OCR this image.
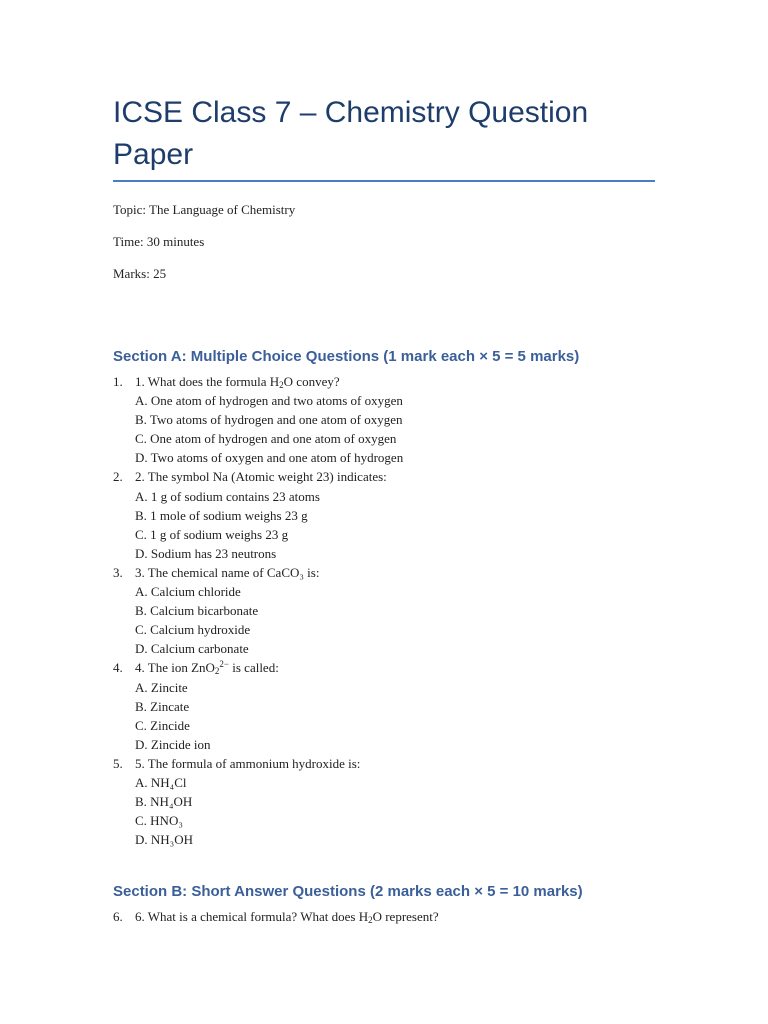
ICSE Class 7 – Chemistry Question Paper

Topic: The Language of Chemistry

Time: 30 minutes

Marks: 25

Section A: Multiple Choice Questions (1 mark each × 5 = 5 marks)
1. 1. What does the formula $H_2O$ convey?
A. One atom of hydrogen and two atoms of oxygen
B. Two atoms of hydrogen and one atom of oxygen
C. One atom of hydrogen and one atom of oxygen
D. Two atoms of oxygen and one atom of hydrogen
2. 2. The symbol Na (Atomic weight 23) indicates:
A. 1 g of sodium contains 23 atoms
B. 1 mole of sodium weighs 23 g
C. 1 g of sodium weighs 23 g
D. Sodium has 23 neutrons
3. 3. The chemical name of CaCO₃ is:
A. Calcium chloride
B. Calcium bicarbonate
C. Calcium hydroxide
D. Calcium carbonate
4. 4. The ion ZnO$_2^{2-}$ is called:
A. Zincite
B. Zincate
C. Zincide
D. Zincide ion
5. 5. The formula of ammonium hydroxide is:
A. NH₄Cl
B. NH₄OH
C. HNO₃
D. NH₃OH
Section B: Short Answer Questions (2 marks each × 5 = 10 marks)
6. 6. What is a chemical formula? What does $H_2O$ represent?
